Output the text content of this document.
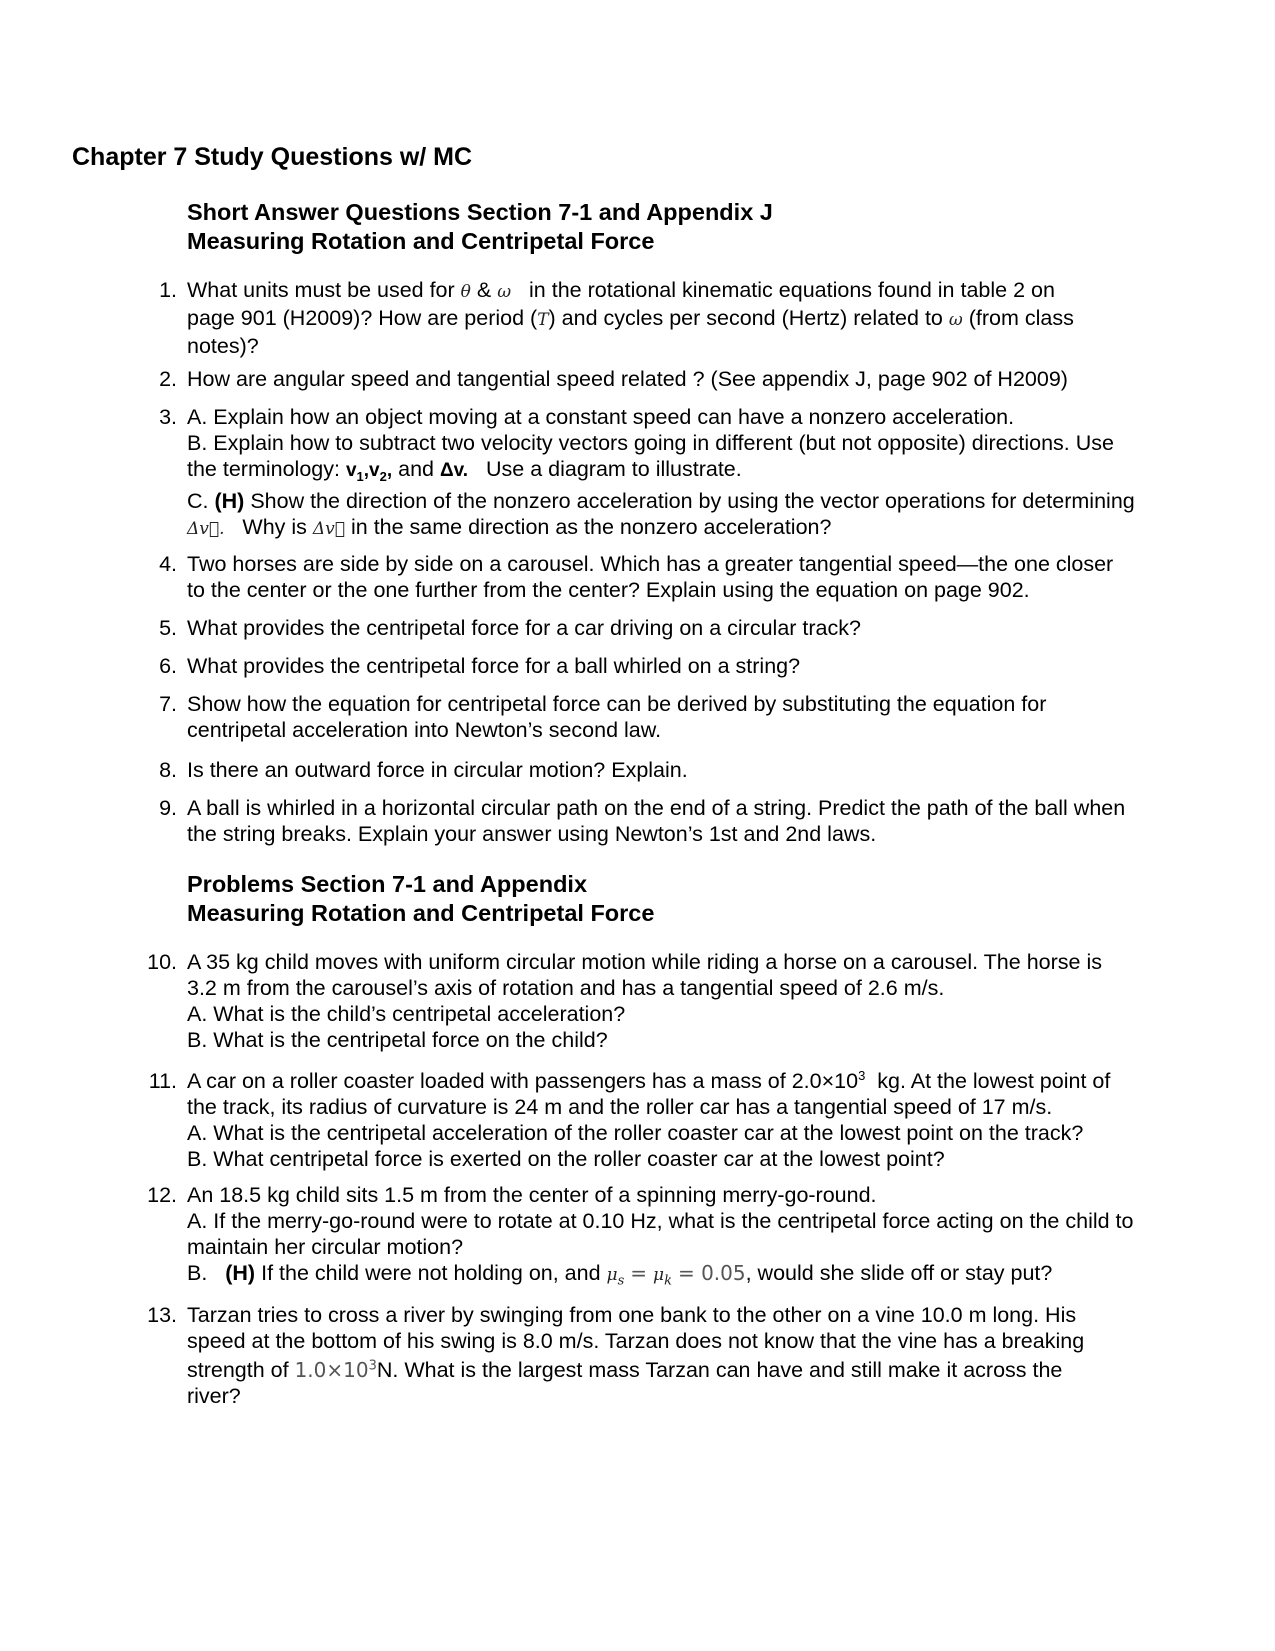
Chapter 7 Study Questions w/ MC
Short Answer Questions Section 7-1 and Appendix J
Measuring Rotation and Centripetal Force
1. What units must be used for θ & ω in the rotational kinematic equations found in table 2 on
page 901 (H2009)? How are period (T) and cycles per second (Hertz) related to ω (from class
notes)?
2. How are angular speed and tangential speed related ? (See appendix J, page 902 of H2009)
3. A. Explain how an object moving at a constant speed can have a nonzero acceleration.
B. Explain how to subtract two velocity vectors going in different (but not opposite) directions. Use
the terminology: $v_1,v_2$, and Δv. Use a diagram to illustrate.
C. (H) Show the direction of the nonzero acceleration by using the vector operations for determining
Δv⃗. Why is Δv⃗ in the same direction as the nonzero acceleration?
4. Two horses are side by side on a carousel. Which has a greater tangential speed—the one closer
to the center or the one further from the center? Explain using the equation on page 902.
5. What provides the centripetal force for a car driving on a circular track?
6. What provides the centripetal force for a ball whirled on a string?
7. Show how the equation for centripetal force can be derived by substituting the equation for
centripetal acceleration into Newton’s second law.
8. Is there an outward force in circular motion? Explain.
9. A ball is whirled in a horizontal circular path on the end of a string. Predict the path of the ball when
the string breaks. Explain your answer using Newton’s 1st and 2nd laws.
Problems Section 7-1 and Appendix
Measuring Rotation and Centripetal Force
10. A 35 kg child moves with uniform circular motion while riding a horse on a carousel. The horse is
3.2 m from the carousel’s axis of rotation and has a tangential speed of 2.6 m/s.
A. What is the child’s centripetal acceleration?
B. What is the centripetal force on the child?
11. A car on a roller coaster loaded with passengers has a mass of $2.0\times 10^3$ kg. At the lowest point of
the track, its radius of curvature is 24 m and the roller car has a tangential speed of 17 m/s.
A. What is the centripetal acceleration of the roller coaster car at the lowest point on the track?
B. What centripetal force is exerted on the roller coaster car at the lowest point?
12. An 18.5 kg child sits 1.5 m from the center of a spinning merry-go-round.
A. If the merry-go-round were to rotate at 0.10 Hz, what is the centripetal force acting on the child to
maintain her circular motion?
B. (H) If the child were not holding on, and $\mu_s = \mu_k = 0.05$, would she slide off or stay put?
13. Tarzan tries to cross a river by swinging from one bank to the other on a vine 10.0 m long. His
speed at the bottom of his swing is 8.0 m/s. Tarzan does not know that the vine has a breaking
strength of $1.0\times 10^3N$. What is the largest mass Tarzan can have and still make it across the
river?
